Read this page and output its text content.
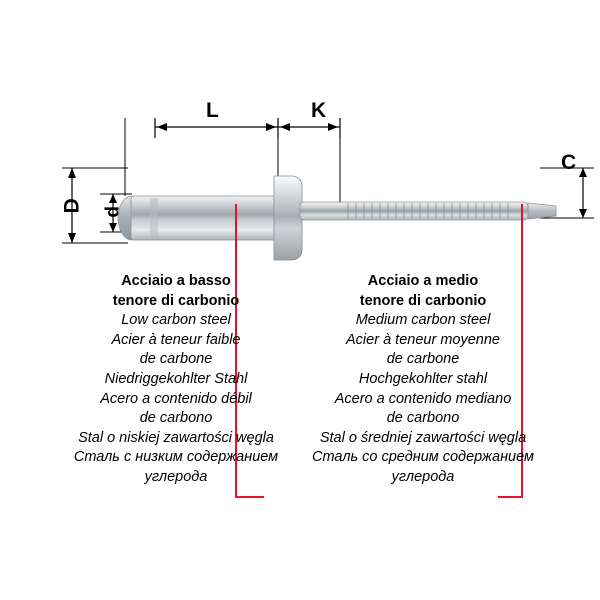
D d
L	K
C
Acciaio a basso
tenore di carbonio
Low carbon steel
Acier à teneur faible
de carbone
Niedriggekohlter Stahl
Acero a contenido débil
de carbono
Stal o niskiej zawartości węgla
Сталь с низким содержанием
углерода
Acciaio a medio
tenore di carbonio
Medium carbon steel
Acier à teneur moyenne
de carbone
Hochgekohlter stahl
Acero a contenido mediano
de carbono
Stal o średniej zawartości węgla
Сталь со средним содержанием
углерода
